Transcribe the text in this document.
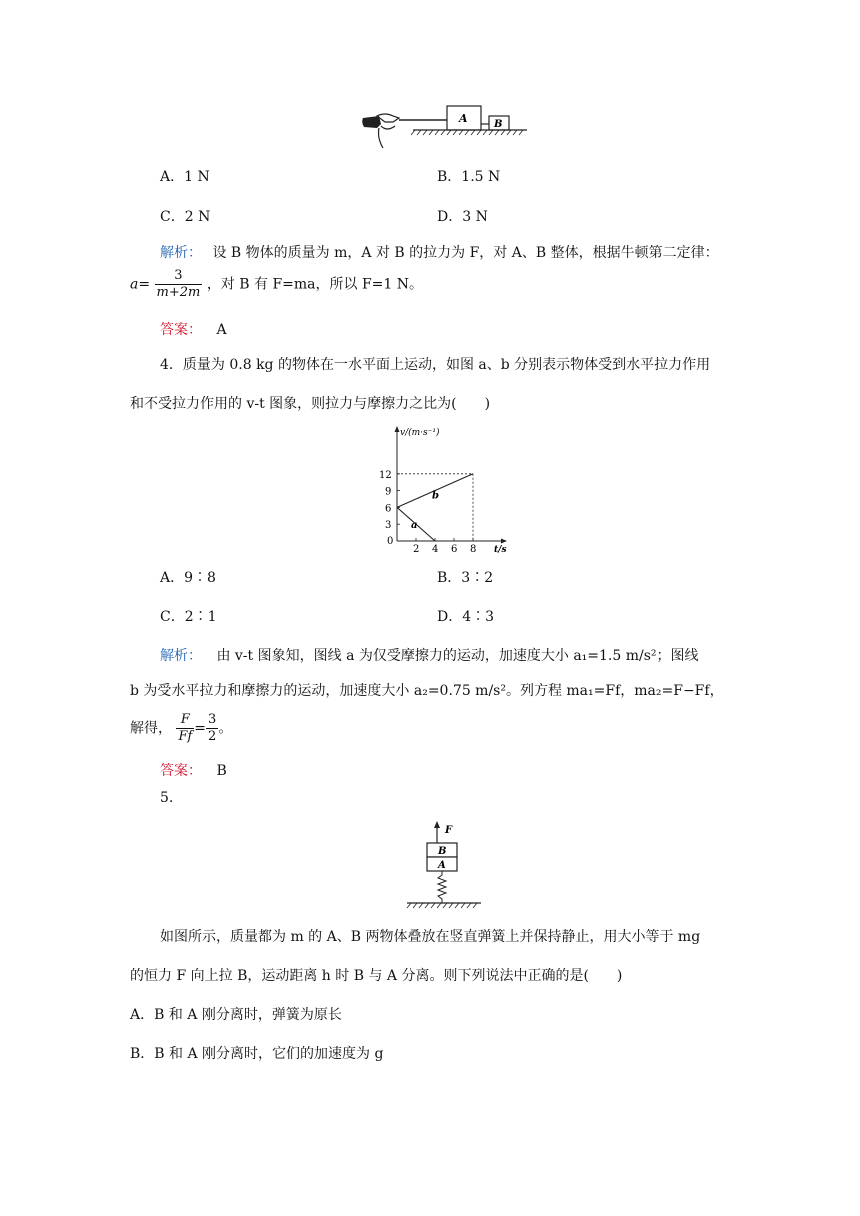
A	B
A．1 N	B．1.5 N
C．2 N	D．3 N
解析： 设 B 物体的质量为 m，A 对 B 的拉力为 F，对 A、B 整体，根据牛顿第二定律：
$a= \frac{3}{m+2m}$ ，对 B 有 F=ma，所以 F=1 N。
答案： A
4．质量为 0.8 kg 的物体在一水平面上运动，如图 a、b 分别表示物体受到水平拉力作用
和不受拉力作用的 v-t 图象，则拉力与摩擦力之比为(　　)
v/(m·s⁻¹)
t/s
0
2 4 6 8
3
6
9
12
a
b
A．9∶8	B．3∶2
C．2∶1	D．4∶3
解析： 由 v-t 图象知，图线 a 为仅受摩擦力的运动，加速度大小 a₁=1.5 m/s²；图线
b 为受水平拉力和摩擦力的运动，加速度大小 a₂=0.75 m/s²。列方程 ma₁=Ff，ma₂=F−Ff，
解得， $\frac{F}{Ff} = \frac{3}{2}$ 。
答案： B
5.
F
B
A
如图所示，质量都为 m 的 A、B 两物体叠放在竖直弹簧上并保持静止，用大小等于 mg
的恒力 F 向上拉 B，运动距离 h 时 B 与 A 分离。则下列说法中正确的是(　　)
A．B 和 A 刚分离时，弹簧为原长
B．B 和 A 刚分离时，它们的加速度为 g
